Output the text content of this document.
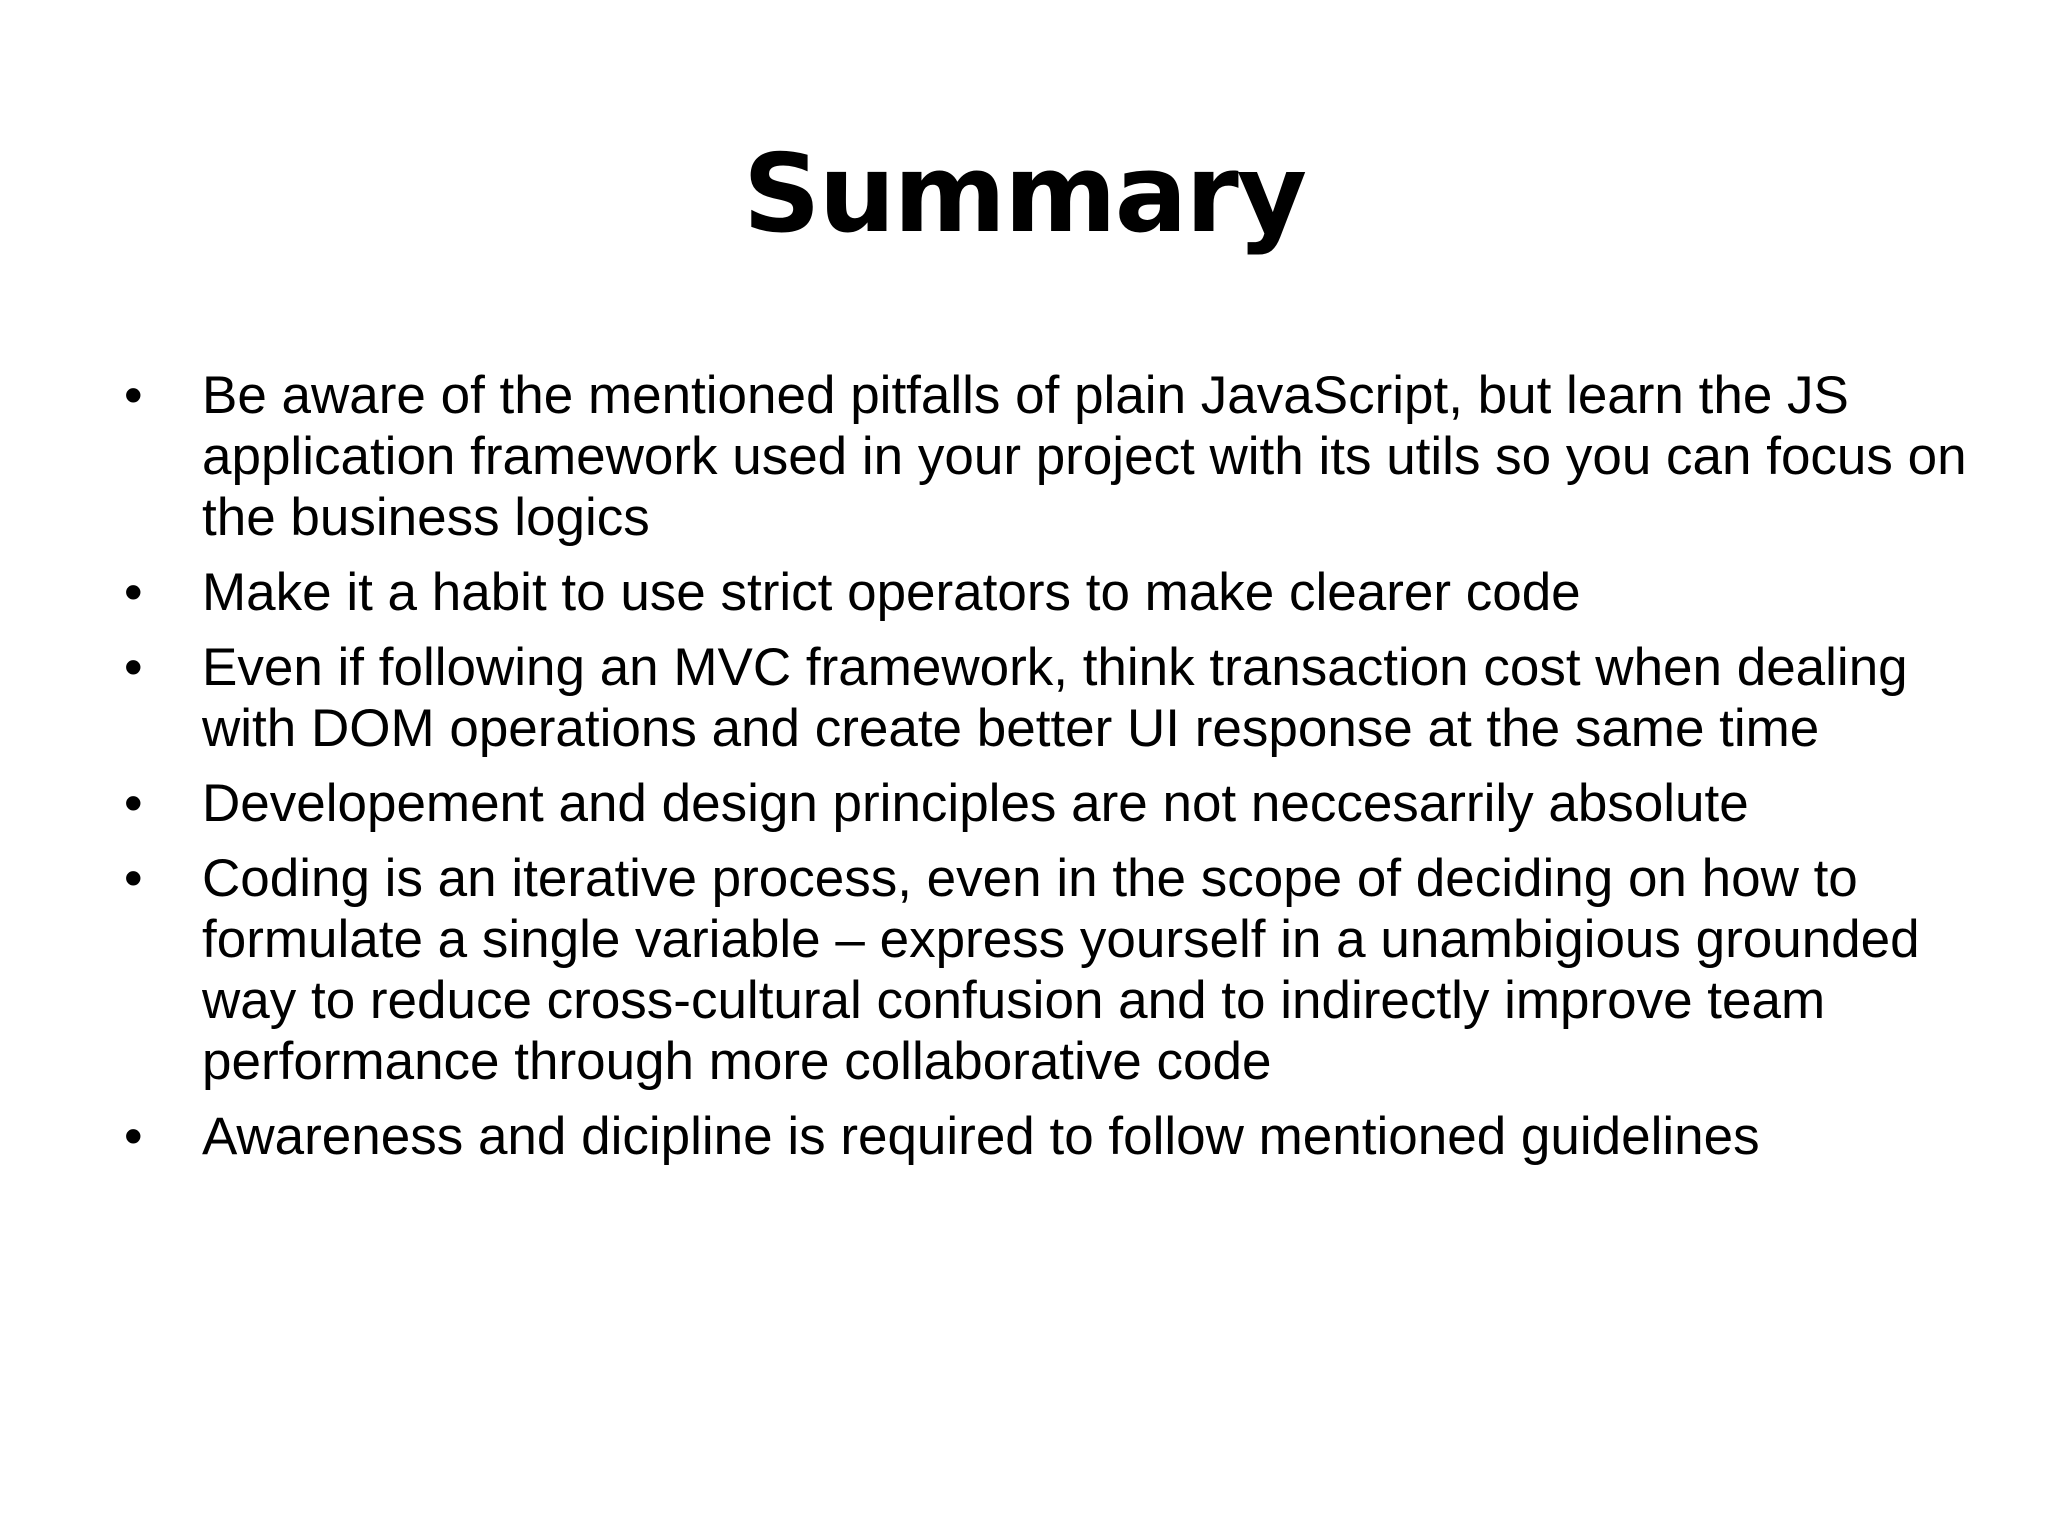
Summary
• Be aware of the mentioned pitfalls of plain JavaScript, but learn the JS application framework used in your project with its utils so you can focus on the business logics
• Make it a habit to use strict operators to make clearer code
• Even if following an MVC framework, think transaction cost when dealing with DOM operations and create better UI response at the same time
• Developement and design principles are not neccesarrily absolute
• Coding is an iterative process, even in the scope of deciding on how to formulate a single variable – express yourself in a unambigious grounded way to reduce cross-cultural confusion and to indirectly improve team performance through more collaborative code
• Awareness and dicipline is required to follow mentioned guidelines
